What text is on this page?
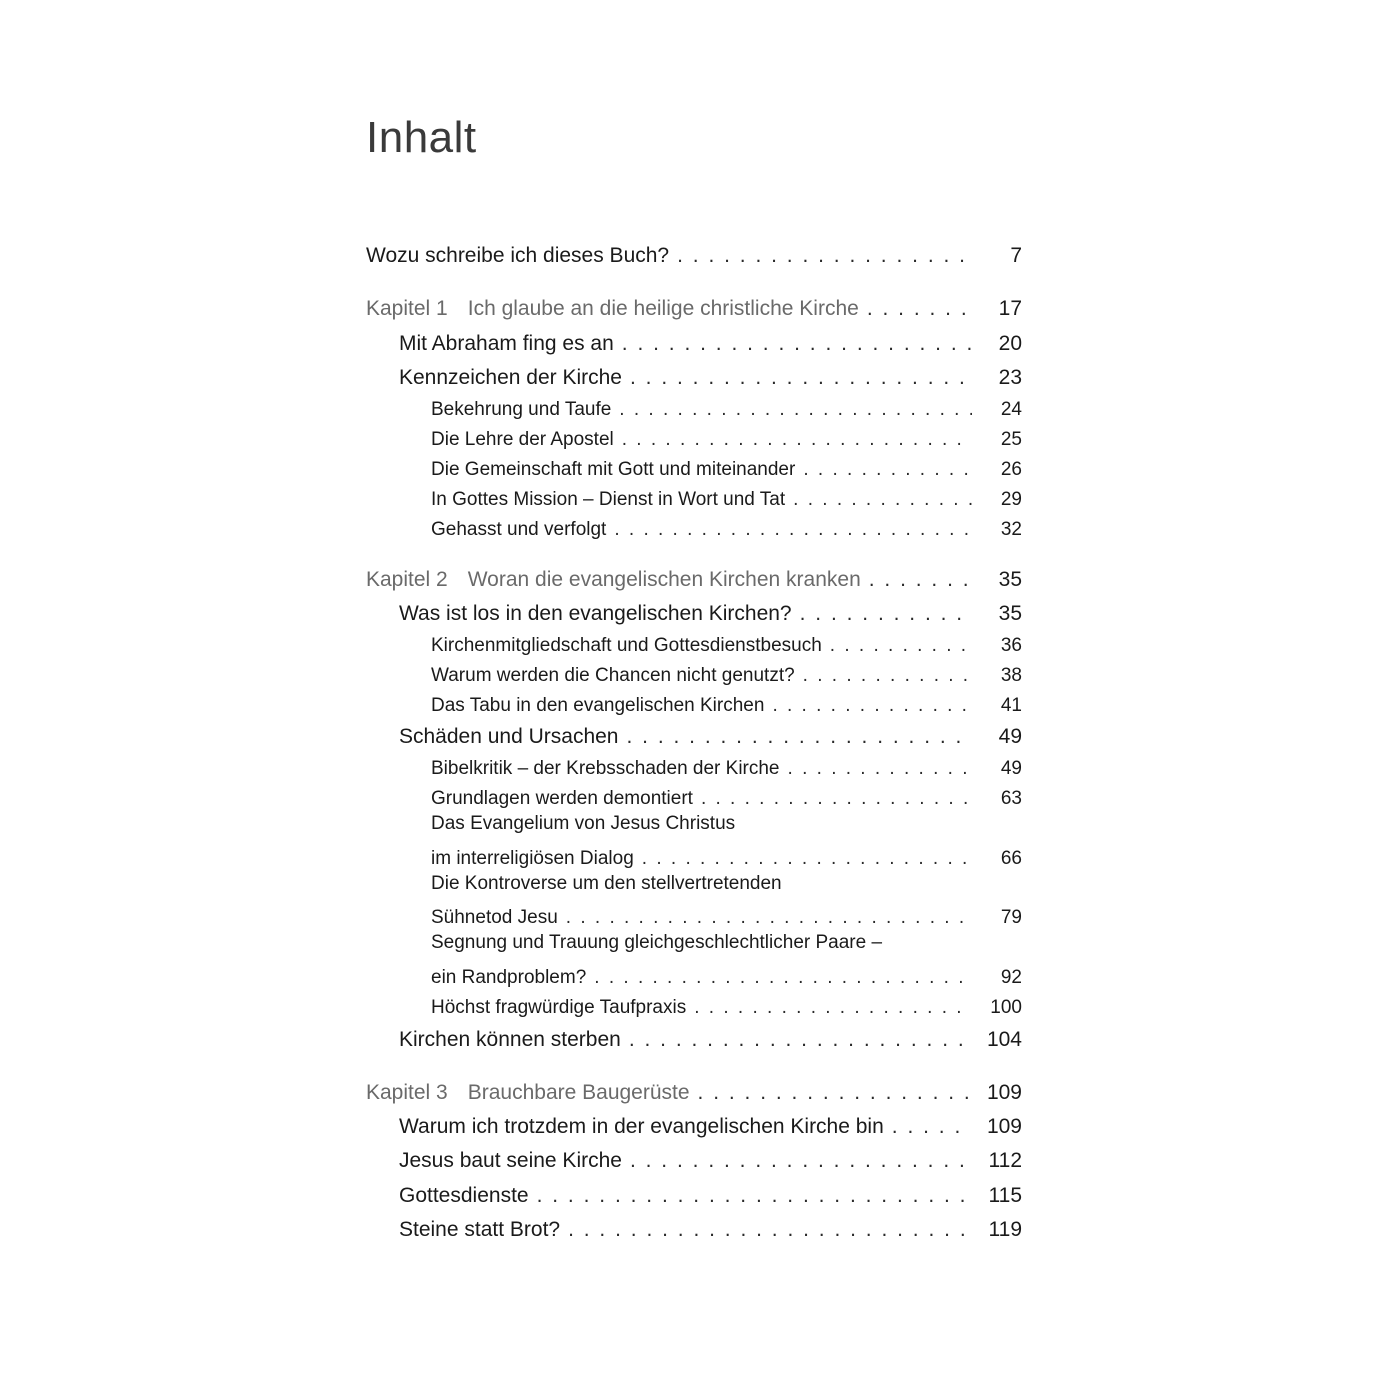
Inhalt
Wozu schreibe ich dieses Buch? . . .	7
Kapitel 1 Ich glaube an die heilige christliche Kirche . . .	17
Mit Abraham fing es an . . .	20
Kennzeichen der Kirche . . .	23
Bekehrung und Taufe . . .	24
Die Lehre der Apostel . . .	25
Die Gemeinschaft mit Gott und miteinander . . .	26
In Gottes Mission – Dienst in Wort und Tat . . .	29
Gehasst und verfolgt . . .	32
Kapitel 2 Woran die evangelischen Kirchen kranken . . .	35
Was ist los in den evangelischen Kirchen? . . .	35
Kirchenmitgliedschaft und Gottesdienstbesuch . . .	36
Warum werden die Chancen nicht genutzt? . . .	38
Das Tabu in den evangelischen Kirchen . . .	41
Schäden und Ursachen . . .	49
Bibelkritik – der Krebsschaden der Kirche . . .	49
Grundlagen werden demontiert . . .	63
Das Evangelium von Jesus Christus
im interreligiösen Dialog . . .	66
Die Kontroverse um den stellvertretenden
Sühnetod Jesu . . .	79
Segnung und Trauung gleichgeschlechtlicher Paare –
ein Randproblem? . . .	92
Höchst fragwürdige Taufpraxis . . .	100
Kirchen können sterben . . .	104
Kapitel 3 Brauchbare Baugerüste . . .	109
Warum ich trotzdem in der evangelischen Kirche bin . . .	109
Jesus baut seine Kirche . . .	112
Gottesdienste . . .	115
Steine statt Brot? . . .	119
